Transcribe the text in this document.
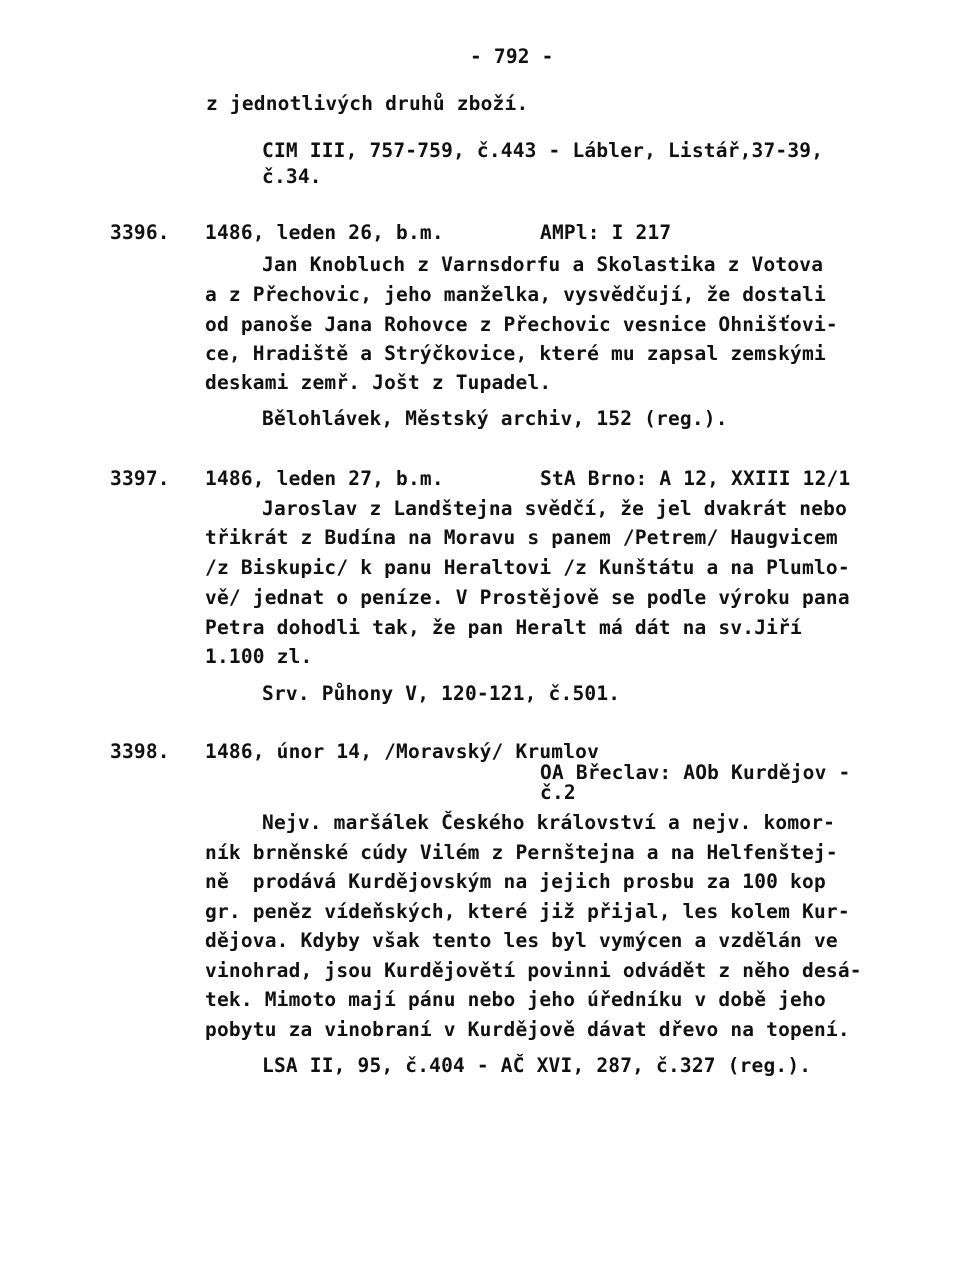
- 792 -
z jednotlivých druhů zboží.
CIM III, 757-759, č.443 - Lábler, Listář,37-39,
č.34.
3396. 1486, leden 26, b.m.	AMPl: I 217
Jan Knobluch z Varnsdorfu a Skolastika z Votova
a z Přechovic, jeho manželka, vysvědčují, že dostali
od panoše Jana Rohovce z Přechovic vesnice Ohnišťovi-
ce, Hradiště a Strýčkovice, které mu zapsal zemskými
deskami zemř. Jošt z Tupadel.
Bělohlávek, Městský archiv, 152 (reg.).
3397. 1486, leden 27, b.m.	StA Brno: A 12, XXIII 12/1
Jaroslav z Landštejna svědčí, že jel dvakrát nebo
třikrát z Budína na Moravu s panem /Petrem/ Haugvicem
/z Biskupic/ k panu Heraltovi /z Kunštátu a na Plumlo-
vě/ jednat o peníze. V Prostějově se podle výroku pana
Petra dohodli tak, že pan Heralt má dát na sv.Jiří
1.100 zl.
Srv. Půhony V, 120-121, č.501.
3398. 1486, únor 14, /Moravský/ Krumlov
OA Břeclav: AOb Kurdějov -
č.2
Nejv. maršálek Českého království a nejv. komor-
ník brněnské cúdy Vilém z Pernštejna a na Helfenštej-
ně  prodává Kurdějovským na jejich prosbu za 100 kop
gr. peněz vídeňských, které již přijal, les kolem Kur-
dějova. Kdyby však tento les byl vymýcen a vzdělán ve
vinohrad, jsou Kurdějovětí povinni odvádět z něho desá-
tek. Mimoto mají pánu nebo jeho úředníku v době jeho
pobytu za vinobraní v Kurdějově dávat dřevo na topení.
LSA II, 95, č.404 - AČ XVI, 287, č.327 (reg.).
